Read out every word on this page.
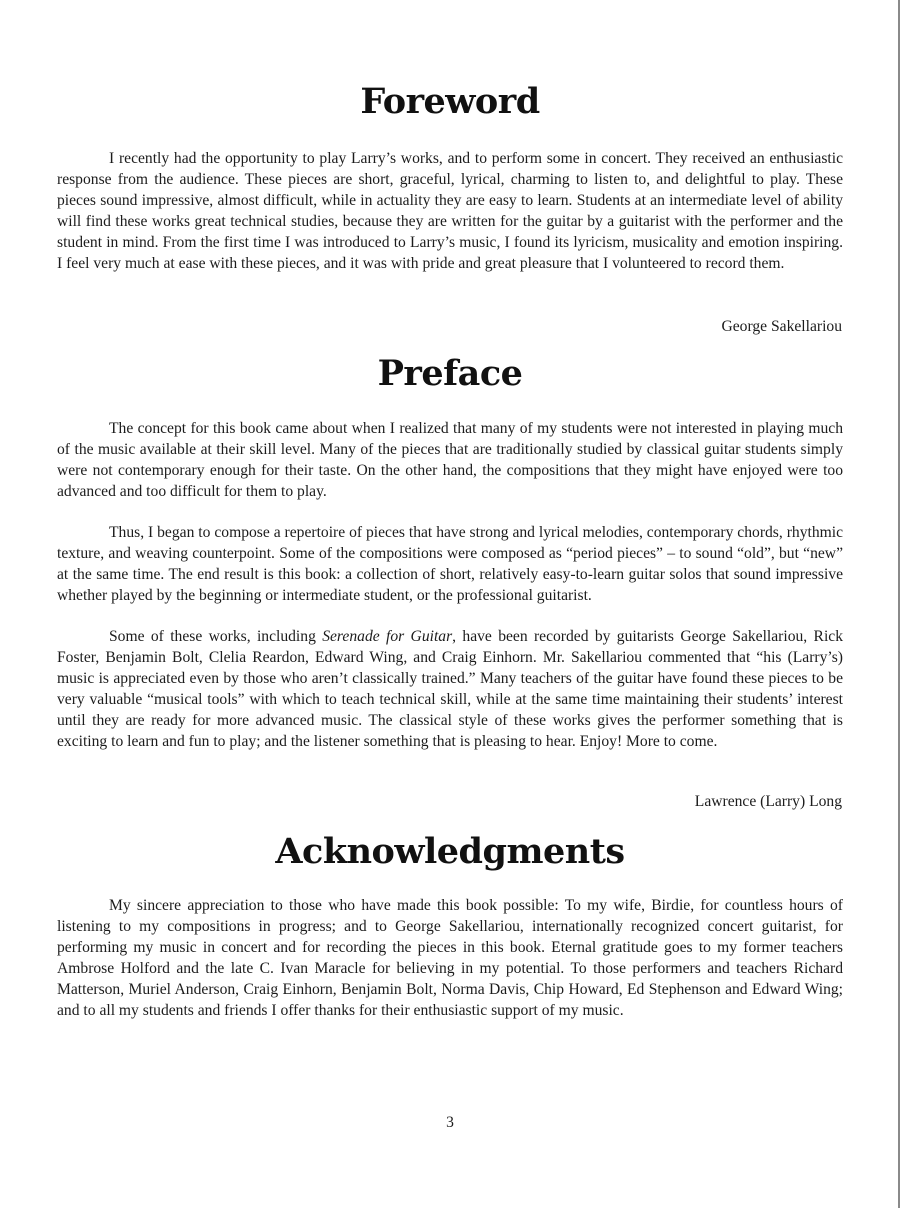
Foreword

I recently had the opportunity to play Larry’s works, and to perform some in concert. They received an enthusiastic response from the audience. These pieces are short, graceful, lyrical, charming to listen to, and delightful to play. These pieces sound impressive, almost difficult, while in actuality they are easy to learn. Students at an intermediate level of ability will find these works great technical studies, because they are written for the guitar by a guitarist with the performer and the student in mind. From the first time I was introduced to Larry’s music, I found its lyricism, musicality and emotion inspiring. I feel very much at ease with these pieces, and it was with pride and great pleasure that I volunteered to record them.

George Sakellariou

Preface

The concept for this book came about when I realized that many of my students were not interested in playing much of the music available at their skill level. Many of the pieces that are traditionally studied by classical guitar students simply were not contemporary enough for their taste. On the other hand, the compositions that they might have enjoyed were too advanced and too difficult for them to play.

Thus, I began to compose a repertoire of pieces that have strong and lyrical melodies, contemporary chords, rhythmic texture, and weaving counterpoint. Some of the compositions were composed as “period pieces” – to sound “old”, but “new” at the same time. The end result is this book: a collection of short, relatively easy-to-learn guitar solos that sound impressive whether played by the beginning or intermediate student, or the professional guitarist.

Some of these works, including Serenade for Guitar, have been recorded by guitarists George Sakellariou, Rick Foster, Benjamin Bolt, Clelia Reardon, Edward Wing, and Craig Einhorn. Mr. Sakellariou commented that “his (Larry’s) music is appreciated even by those who aren’t classically trained.” Many teachers of the guitar have found these pieces to be very valuable “musical tools” with which to teach technical skill, while at the same time maintaining their students’ interest until they are ready for more advanced music. The classical style of these works gives the performer something that is exciting to learn and fun to play; and the listener something that is pleasing to hear. Enjoy! More to come.

Lawrence (Larry) Long

Acknowledgments

My sincere appreciation to those who have made this book possible: To my wife, Birdie, for countless hours of listening to my compositions in progress; and to George Sakellariou, internationally recognized concert guitarist, for performing my music in concert and for recording the pieces in this book. Eternal gratitude goes to my former teachers Ambrose Holford and the late C. Ivan Maracle for believing in my potential. To those performers and teachers Richard Matterson, Muriel Anderson, Craig Einhorn, Benjamin Bolt, Norma Davis, Chip Howard, Ed Stephenson and Edward Wing; and to all my students and friends I offer thanks for their enthusiastic support of my music.

3
